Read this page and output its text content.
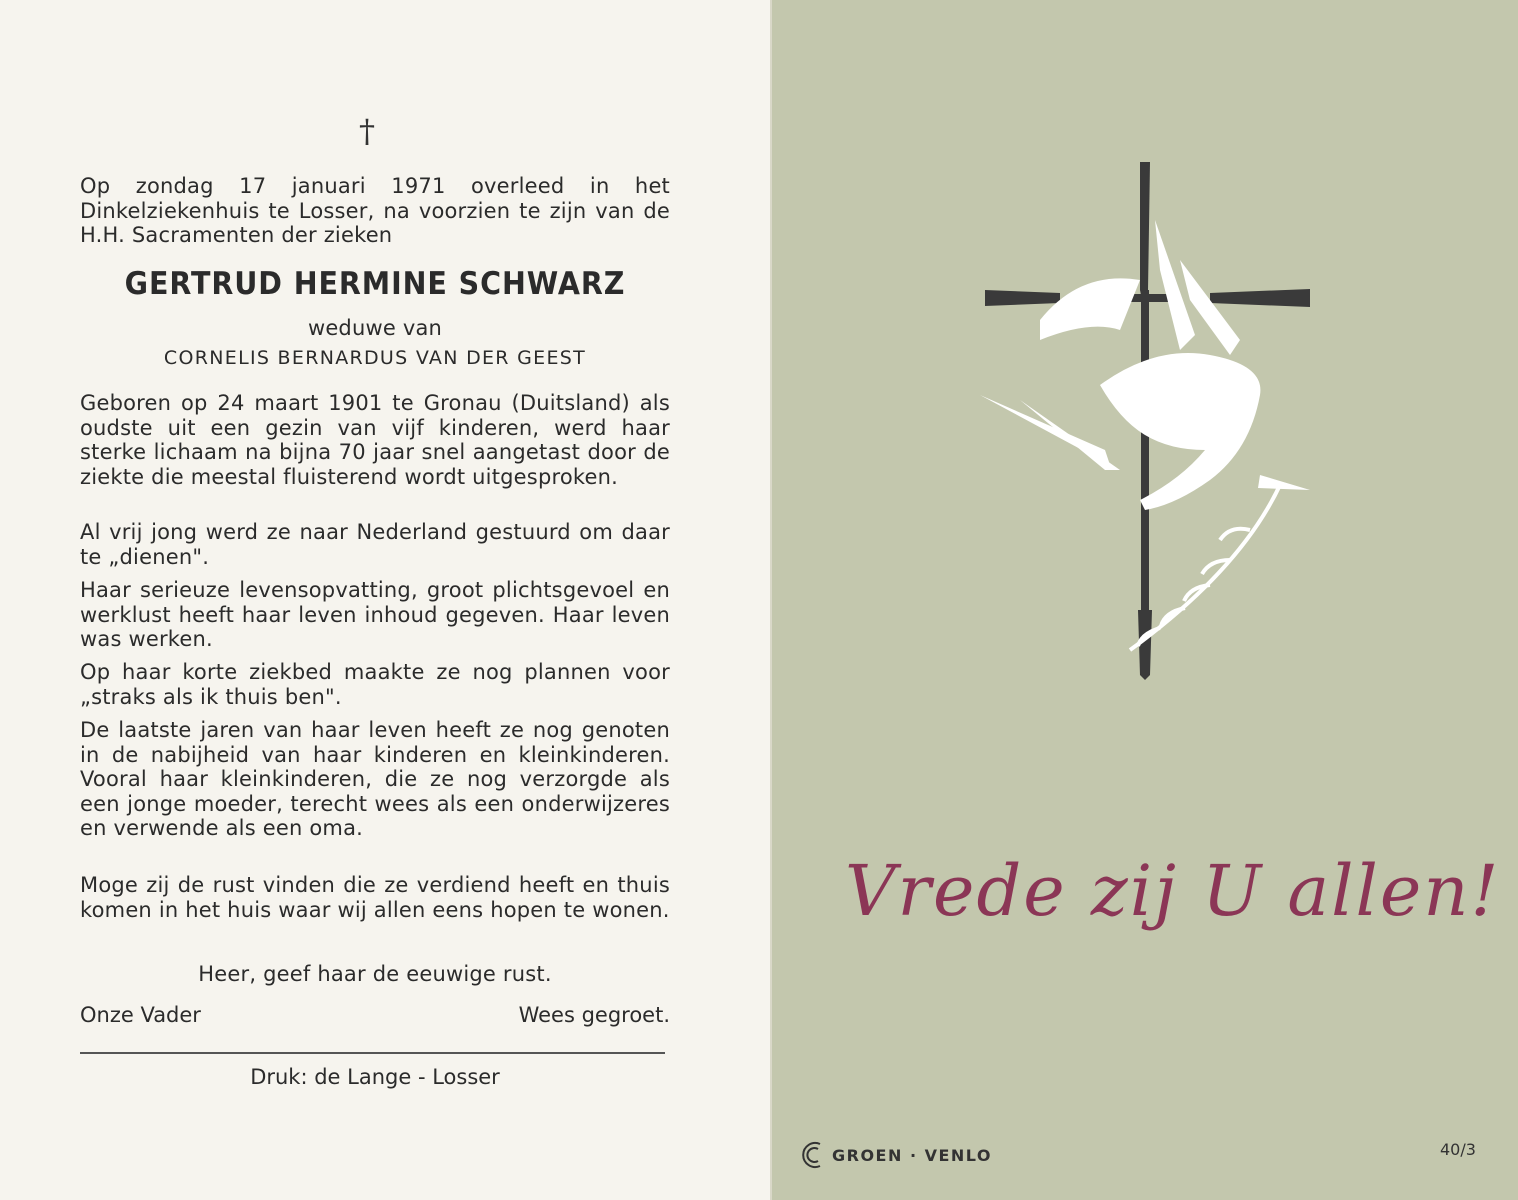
†
Op zondag 17 januari 1971 overleed in het Dinkelziekenhuis te Losser, na voorzien te zijn van de H.H. Sacramenten der zieken
GERTRUD HERMINE SCHWARZ
weduwe van
CORNELIS BERNARDUS VAN DER GEEST
Geboren op 24 maart 1901 te Gronau (Duitsland) als oudste uit een gezin van vijf kinderen, werd haar sterke lichaam na bijna 70 jaar snel aangetast door de ziekte die meestal fluisterend wordt uitgesproken.
Al vrij jong werd ze naar Nederland gestuurd om daar te „dienen".
Haar serieuze levensopvatting, groot plichtsgevoel en werklust heeft haar leven inhoud gegeven. Haar leven was werken.
Op haar korte ziekbed maakte ze nog plannen voor „straks als ik thuis ben".
De laatste jaren van haar leven heeft ze nog genoten in de nabijheid van haar kinderen en kleinkinderen. Vooral haar kleinkinderen, die ze nog verzorgde als een jonge moeder, terecht wees als een onderwijzeres en verwende als een oma.
Moge zij de rust vinden die ze verdiend heeft en thuis komen in het huis waar wij allen eens hopen te wonen.
Heer, geef haar de eeuwige rust.
Onze Vader	Wees gegroet.
Druk: de Lange - Losser
Vrede zij U allen!
GROEN · VENLO	40/3
